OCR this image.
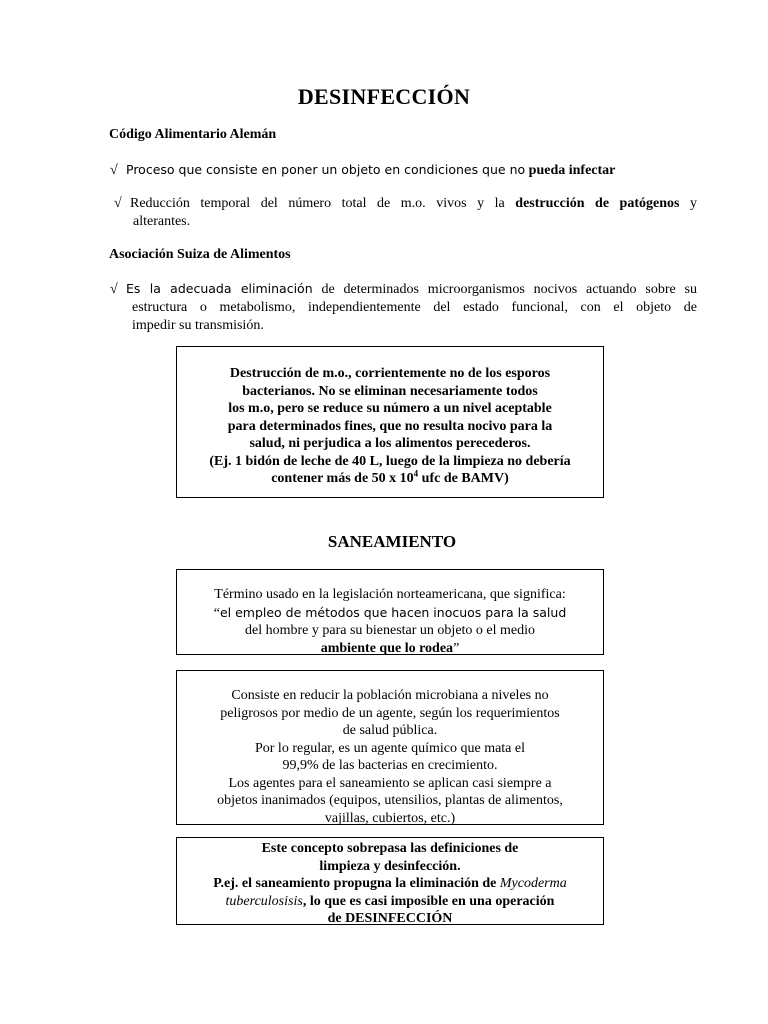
DESINFECCIÓN
Código Alimentario Alemán
√ Proceso que consiste en poner un objeto en condiciones que no pueda infectar
√ Reducción temporal del número total de m.o. vivos y la destrucción de patógenos y
alterantes.
Asociación Suiza de Alimentos
√ Es la adecuada eliminación de determinados microorganismos nocivos actuando sobre su
estructura o metabolismo, independientemente del estado funcional, con el objeto de
impedir su transmisión.
Destrucción de m.o., corrientemente no de los esporos
bacterianos. No se eliminan necesariamente todos
los m.o, pero se reduce su número a un nivel aceptable
para determinados fines, que no resulta nocivo para la
salud, ni perjudica a los alimentos perecederos.
(Ej. 1 bidón de leche de 40 L, luego de la limpieza no debería
contener más de 50 x $10^4$ ufc de BAMV)
SANEAMIENTO
Término usado en la legislación norteamericana, que significa:
“el empleo de métodos que hacen inocuos para la salud
del hombre y para su bienestar un objeto o el medio
ambiente que lo rodea”
Consiste en reducir la población microbiana a niveles no
peligrosos por medio de un agente, según los requerimientos
de salud pública.
Por lo regular, es un agente químico que mata el
99,9% de las bacterias en crecimiento.
Los agentes para el saneamiento se aplican casi siempre a
objetos inanimados (equipos, utensilios, plantas de alimentos,
vajillas, cubiertos, etc.)
Este concepto sobrepasa las definiciones de
limpieza y desinfección.
P.ej. el saneamiento propugna la eliminación de Mycoderma
tuberculosisis, lo que es casi imposible en una operación
de DESINFECCIÓN
